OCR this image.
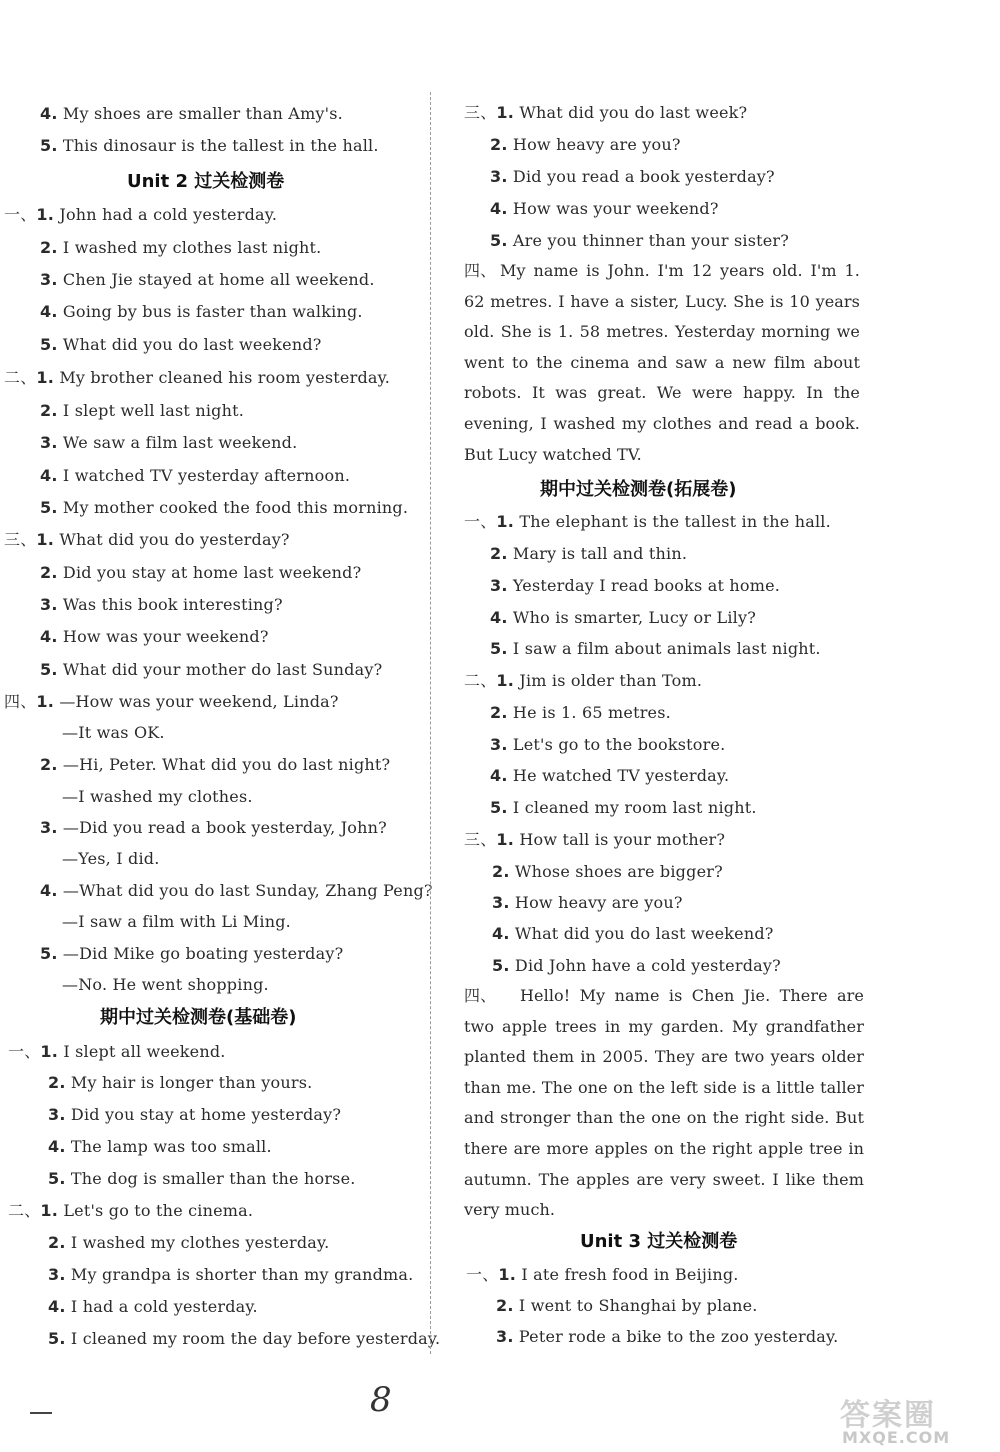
4. My shoes are smaller than Amy's.
5. This dinosaur is the tallest in the hall.
Unit 2 过关检测卷
一、1. John had a cold yesterday.
2. I washed my clothes last night.
3. Chen Jie stayed at home all weekend.
4. Going by bus is faster than walking.
5. What did you do last weekend?
二、1. My brother cleaned his room yesterday.
2. I slept well last night.
3. We saw a film last weekend.
4. I watched TV yesterday afternoon.
5. My mother cooked the food this morning.
三、1. What did you do yesterday?
2. Did you stay at home last weekend?
3. Was this book interesting?
4. How was your weekend?
5. What did your mother do last Sunday?
四、1. —How was your weekend, Linda?
—It was OK.
2. —Hi, Peter. What did you do last night?
—I washed my clothes.
3. —Did you read a book yesterday, John?
—Yes, I did.
4. —What did you do last Sunday, Zhang Peng?
—I saw a film with Li Ming.
5. —Did Mike go boating yesterday?
—No. He went shopping.
期中过关检测卷(基础卷)
一、1. I slept all weekend.
2. My hair is longer than yours.
3. Did you stay at home yesterday?
4. The lamp was too small.
5. The dog is smaller than the horse.
二、1. Let's go to the cinema.
2. I washed my clothes yesterday.
3. My grandpa is shorter than my grandma.
4. I had a cold yesterday.
5. I cleaned my room the day before yesterday.
三、1. What did you do last week?
2. How heavy are you?
3. Did you read a book yesterday?
4. How was your weekend?
5. Are you thinner than your sister?
四、 My name is John. I'm 12 years old. I'm 1. 62 metres. I have a sister, Lucy. She is 10 years old. She is 1. 58 metres. Yesterday morning we went to the cinema and saw a new film about robots. It was great. We were happy. In the evening, I washed my clothes and read a book. But Lucy watched TV.
期中过关检测卷(拓展卷)
一、1. The elephant is the tallest in the hall.
2. Mary is tall and thin.
3. Yesterday I read books at home.
4. Who is smarter, Lucy or Lily?
5. I saw a film about animals last night.
二、1. Jim is older than Tom.
2. He is 1. 65 metres.
3. Let's go to the bookstore.
4. He watched TV yesterday.
5. I cleaned my room last night.
三、1. How tall is your mother?
2. Whose shoes are bigger?
3. How heavy are you?
4. What did you do last weekend?
5. Did John have a cold yesterday?
四、 Hello! My name is Chen Jie. There are two apple trees in my garden. My grandfather planted them in 2005. They are two years older than me. The one on the left side is a little taller and stronger than the one on the right side. But there are more apples on the right apple tree in autumn. The apples are very sweet. I like them very much.
Unit 3 过关检测卷
一、1. I ate fresh food in Beijing.
2. I went to Shanghai by plane.
3. Peter rode a bike to the zoo yesterday.
8	答案圈
MXQE.COM
